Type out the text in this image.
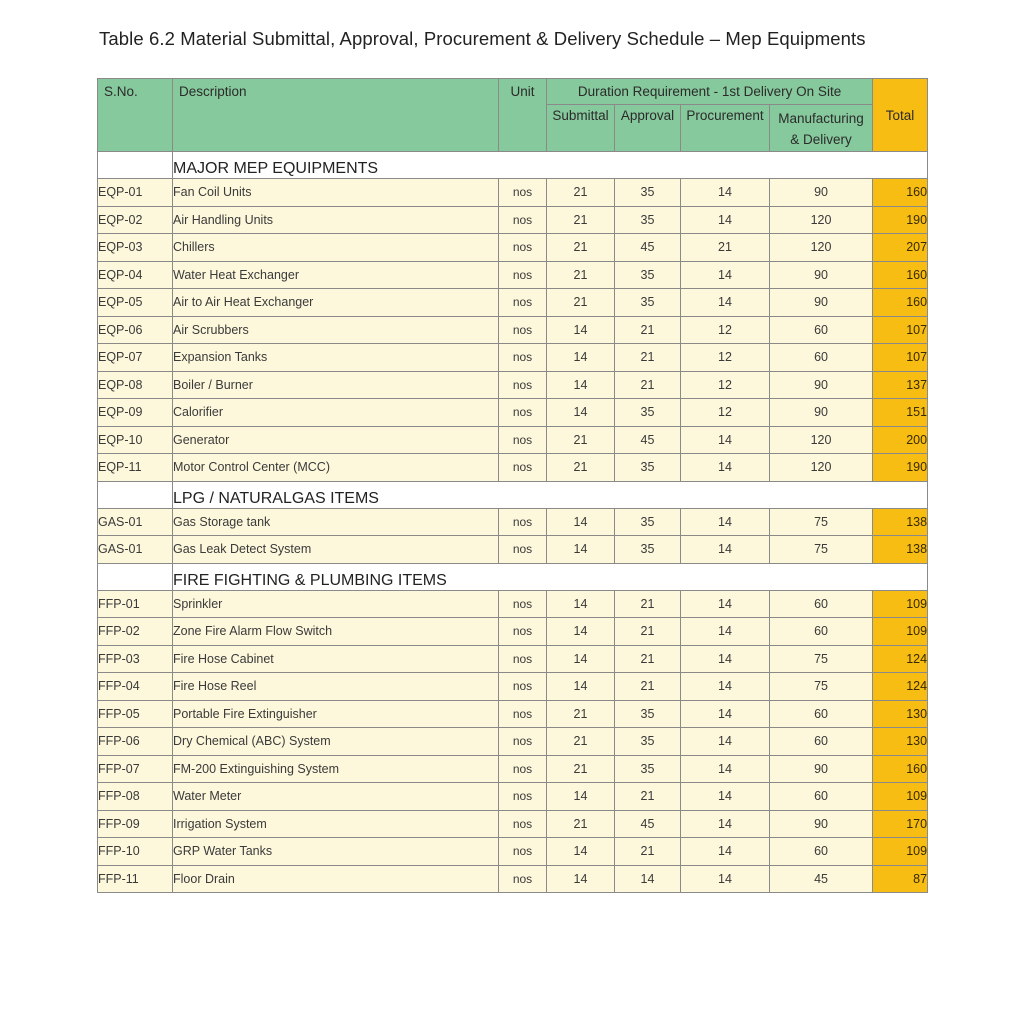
Table 6.2 Material Submittal, Approval, Procurement & Delivery Schedule – Mep Equipments
S.No.	Description	Unit	Duration Requirement - 1st Delivery On Site				Total
			Submittal	Approval	Procurement	Manufacturing
& Delivery	
	MAJOR MEP EQUIPMENTS						
EQP-01	Fan Coil Units	nos	21	35	14	90	160
EQP-02	Air Handling Units	nos	21	35	14	120	190
EQP-03	Chillers	nos	21	45	21	120	207
EQP-04	Water Heat Exchanger	nos	21	35	14	90	160
EQP-05	Air to Air Heat Exchanger	nos	21	35	14	90	160
EQP-06	Air Scrubbers	nos	14	21	12	60	107
EQP-07	Expansion Tanks	nos	14	21	12	60	107
EQP-08	Boiler / Burner	nos	14	21	12	90	137
EQP-09	Calorifier	nos	14	35	12	90	151
EQP-10	Generator	nos	21	45	14	120	200
EQP-11	Motor Control Center (MCC)	nos	21	35	14	120	190
	LPG / NATURALGAS ITEMS						
GAS-01	Gas Storage tank	nos	14	35	14	75	138
GAS-01	Gas Leak Detect System	nos	14	35	14	75	138
	FIRE FIGHTING & PLUMBING ITEMS						
FFP-01	Sprinkler	nos	14	21	14	60	109
FFP-02	Zone Fire Alarm Flow Switch	nos	14	21	14	60	109
FFP-03	Fire Hose Cabinet	nos	14	21	14	75	124
FFP-04	Fire Hose Reel	nos	14	21	14	75	124
FFP-05	Portable Fire Extinguisher	nos	21	35	14	60	130
FFP-06	Dry Chemical (ABC) System	nos	21	35	14	60	130
FFP-07	FM-200 Extinguishing System	nos	21	35	14	90	160
FFP-08	Water Meter	nos	14	21	14	60	109
FFP-09	Irrigation System	nos	21	45	14	90	170
FFP-10	GRP Water Tanks	nos	14	21	14	60	109
FFP-11	Floor Drain	nos	14	14	14	45	87
